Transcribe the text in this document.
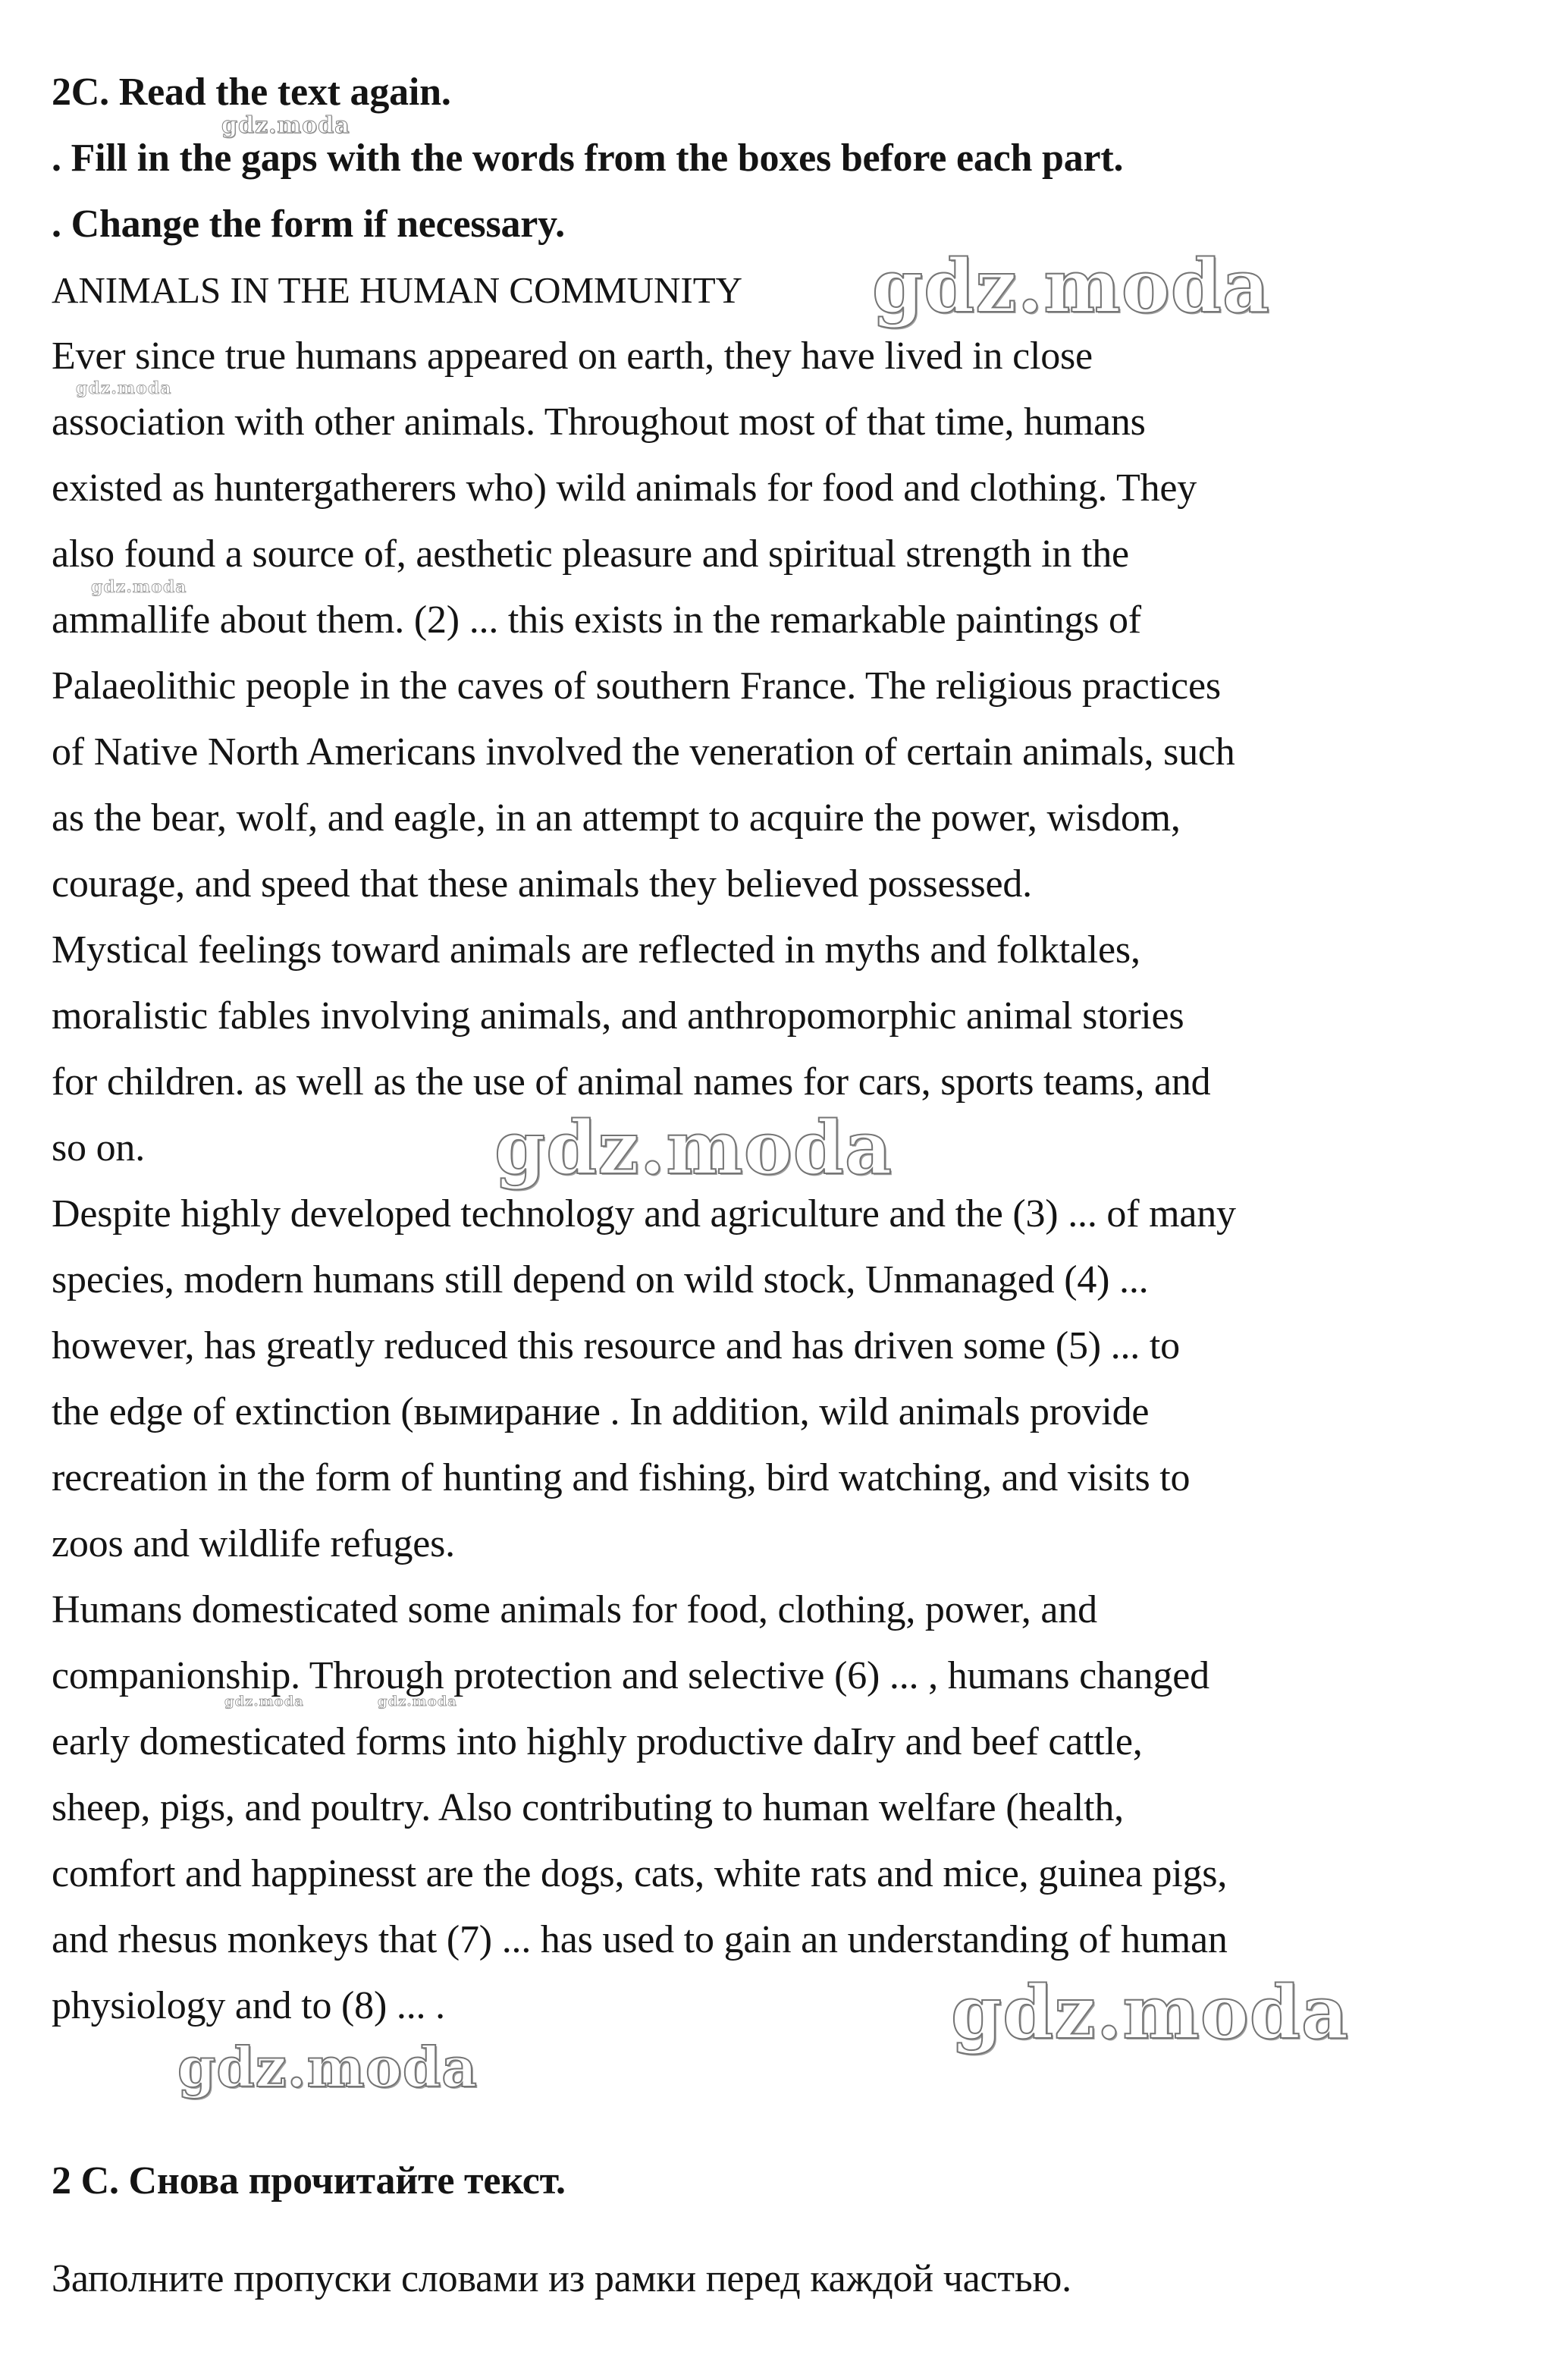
2C. Read the text again.
. Fill in the gaps with the words from the boxes before each part.
. Change the form if necessary.
ANIMALS IN THE HUMAN COMMUNITY
Ever since true humans appeared on earth, they have lived in close
association with other animals. Throughout most of that time, humans
existed as huntergatherers who) wild animals for food and clothing. They
also found a source of, aesthetic pleasure and spiritual strength in the
ammallife about them. (2) ... this exists in the remarkable paintings of
Palaeolithic people in the caves of southern France. The religious practices
of Native North Americans involved the veneration of certain animals, such
as the bear, wolf, and eagle, in an attempt to acquire the power, wisdom,
courage, and speed that these animals they believed possessed.
Mystical feelings toward animals are reflected in myths and folktales,
moralistic fables involving animals, and anthropomorphic animal stories
for children. as well as the use of animal names for cars, sports teams, and
so on.
Despite highly developed technology and agriculture and the (3) ... of many
species, modern humans still depend on wild stock, Unmanaged (4) ...
however, has greatly reduced this resource and has driven some (5) ... to
the edge of extinction (вымирание . In addition, wild animals provide
recreation in the form of hunting and fishing, bird watching, and visits to
zoos and wildlife refuges.
Humans domesticated some animals for food, clothing, power, and
companionship. Through protection and selective (6) ... , humans changed
early domesticated forms into highly productive daIry and beef cattle,
sheep, pigs, and poultry. Also contributing to human welfare (health,
comfort and happinesst are the dogs, cats, white rats and mice, guinea pigs,
and rhesus monkeys that (7) ... has used to gain an understanding of human
physiology and to (8) ... .
2 С. Снова прочитайте текст.
Заполните пропуски словами из рамки перед каждой частью.
gdz.moda
gdz.moda
gdz.moda
gdz.moda
gdz.moda
gdz.moda	gdz.moda
gdz.moda
gdz.moda
